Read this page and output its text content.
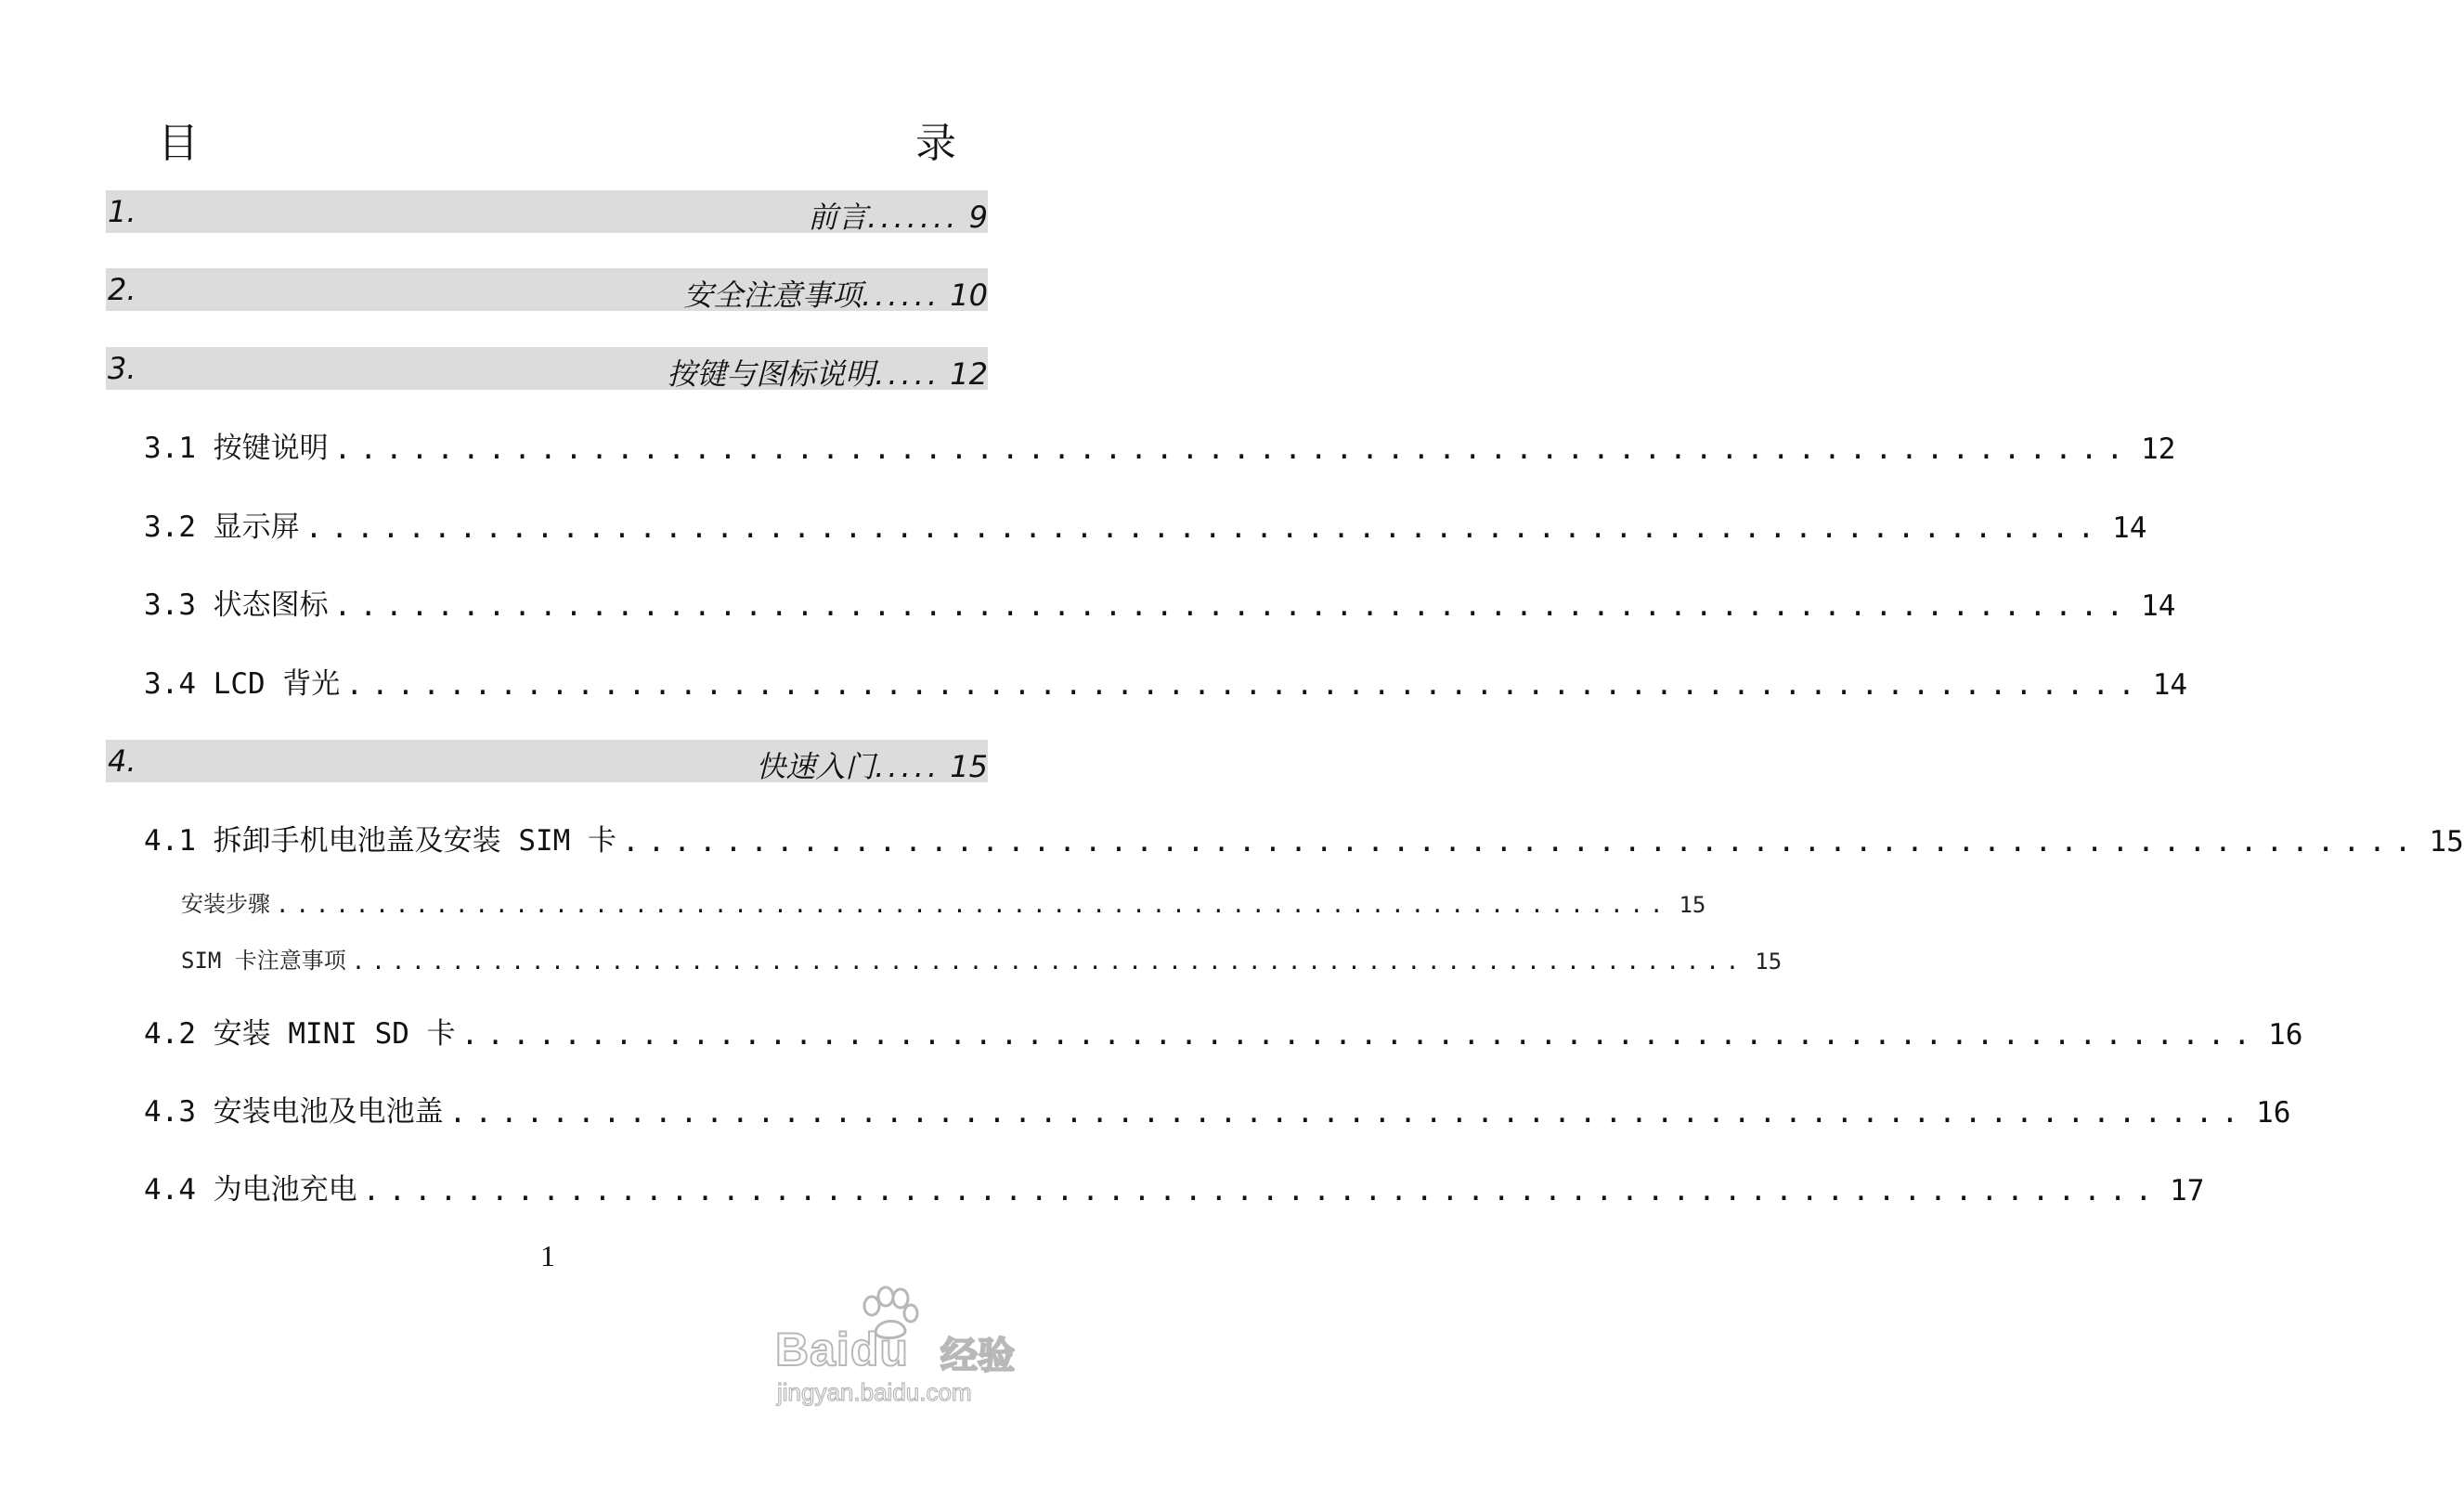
目　　　录
1.	前言....... 9
2.	安全注意事项...... 10
3.	按键与图标说明..... 12
3.1 按键说明 ...................................................................... 12
3.2 显示屏 ...................................................................... 14
3.3 状态图标 ...................................................................... 14
3.4 LCD 背光 ...................................................................... 14
4.	快速入门..... 15
4.1 拆卸手机电池盖及安装 SIM 卡 ...................................................................... 15
安装步骤 ...................................................................... 15
SIM 卡注意事项 ...................................................................... 15
4.2 安装 MINI SD 卡 ...................................................................... 16
4.3 安装电池及电池盖 ...................................................................... 16
4.4 为电池充电 ...................................................................... 17
1
Baidu 经验
jingyan.baidu.com
